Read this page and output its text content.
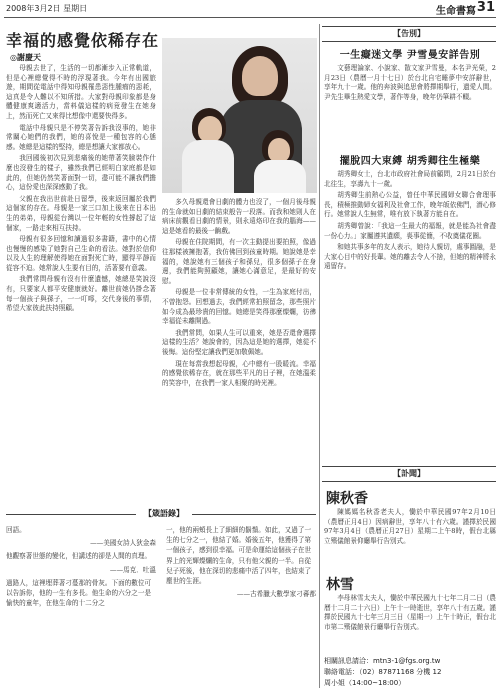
2008年3月2日 星期日	生命書寫 31
幸福的感覺依稀存在
◎謝慶天

母親去世了，生活的一切都漸步入正常軌道，但是心裡總覺得不時的浮現著我。今年有出國旅遊，期間從電話中得知母親罹患惡性腫瘤的惡耗，這真是令人難以不知所措。大家對母親印象都是身體健康爽適活力，當料儀這樣的病竟發生在她身上，然而死亡又來得比想像中還要快得多。

電話中母親只是不停笑著告訴我沒事的，她非常關心她們的我們，她的喜悅是一種包容的心態感。她總是這樣的堅持，總是想讓大家都放心。

我回國後初次見到悲痛後的她帶著笑臉裝作什麼也沒發生的樣子，雖然我們已經明白家庭都是如此的，但她仍然笑著面對一切，盡可能不讓我們擔心，這份愛也深深感動了我。

父親在我出世前赴日留學，後來返回屬於我們這個家的存在。母親是一家三口加上後來在日本出生的弟弟，母親從台灣以一位年輕的女性撐起了這個家，一路走來相互扶持。

母親有很多回憶和讀過很多書籍，書中的心情也慢慢的感染了她對自己生命的看法。她對於信仰以及人生的理解使得她在面對死亡時，顯得平靜而從容不迫。她常說人生要有目的，活著要有意義。

我們常問母親有沒有什麼遺憾，她總是笑說沒有，只要家人都平安健康就好。離世前她仍掛念著每一個孩子與孫子，一一叮嚀，交代身後的事情，希望大家彼此扶持照顧。

多久母親還會日劇的體力也沒了，一個月後母親的生命就如日劇的結束般告一段落。而我和她則人在病床前觀看日劇的情景，則永遠烙印在我的腦海——這是她看的最後一齣戲。

母親在住院期間，有一次主動提出要拍照，像過往那樣被擁抱著，我仿佛回到孩童時期。她說她是幸福的，她說她有三個孩子和孫兒，很多個孫子在身邊，我們能夠照顧她，讓她心滿意足，是最好的安慰。

母親是一位非常傳統的女性，一生為家庭付出，不曾抱怨。回想過去，我們經常拍照留念，那些照片如今成為最珍貴的回憶。她總是笑得那麼燦爛，彷彿幸福從未離開過。

我們常問，如果人生可以重來，她是否還會選擇這樣的生活？她說會的，因為這是她的選擇，她從不後悔。這份堅定讓我們更加敬佩她。

現在每當我想起母親，心中總有一股暖流。幸福的感覺依稀存在，就在那些平凡的日子裡，在她溫柔的笑容中，在我們一家人相聚的時光裡。

【告別】
一生癡迷文學 尹雪曼安詳告別

文藝理論家、小說家、散文家尹雪曼，本名尹光榮，2月23日（農曆一月十七日）於台北自宅睡夢中安詳辭世，享年九十一歲。他的奔波與追思會將擇期舉行，遺愛人間。尹先生畢生熱愛文學，著作等身，晚年仍筆耕不輟。

擺脫四大束縛 胡秀卿往生極樂

胡秀卿女士，台北市政府社會局前顧問，2月21日於台北往生，享壽九十一歲。

胡秀卿生前熱心公益，曾任中華民國婦女聯合會理事長，積極推動婦女福利及社會工作，晚年皈依佛門，潛心修行。她常說人生無常，唯有放下執著方能自在。

胡秀卿曾說：「我這一生最大的福報，就是能為社會盡一份心力。」家屬遵其遺願，喪事從簡，不收奠儀花圈。

和她共事多年的友人表示，她待人親切，處事圓融，是大家心目中的好長輩。她的離去令人不捨，但她的精神將永遠留存。

【訃聞】
陳秋香

陳媽媽名秋香老夫人，慟於中華民國97年2月10日（農曆正月4日）因病辭世，享年八十有六歲。謹擇於民國97年3月4日（農曆正月27日）星期二上午8時，假台北縣立殯儀館景仰廳舉行告別式。

林雪

李母林雪太夫人，慟於中華民國九十七年二月二日（農曆十二月二十六日）上午十一時逝世，享年八十有五歲。謹擇於民國九十七年三月三日（星期一）上午十時正，假台北市第二殯儀館景行廳舉行告別式。

相關訊息請洽：mtn3-1@fgs.org.tw
聯絡電話：（02）87871168 分機 12
周小姐（14:00~18:00）
【箴語錄】

回語。

——美國女詩人狄金森

他觀察著世態的變化，但講述的卻是人間的真理。

——馬克．吐溫

過路人，這裡埋葬著刁蔓那的骨灰。下面的數位可以告訴你，他的一生有多長。他生命的六分之一是愉快的童年，在他生命的十二分之

一，他的兩頰長上了細細的鬍鬚。如此，又過了一生的七分之一，他結了婚。婚後五年，他獲得了第一個孩子，感到很幸福。可是命運給這個孩子在世界上的光輝燦爛的生命，只有他父親的一半。自從兒子死後，他在深切的悲痛中活了四年，也結束了塵世的生涯。

——古希臘大數學家刁蕃都
